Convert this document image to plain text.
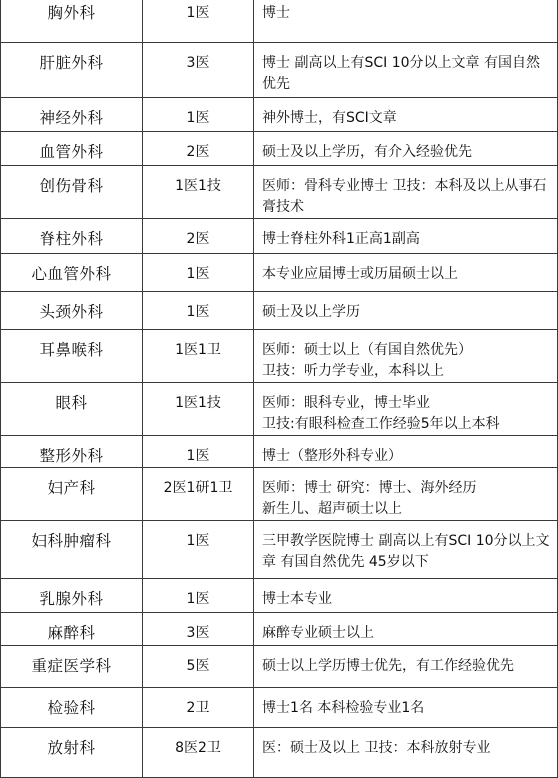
胸外科	1医	博士
肝脏外科	3医	博士 副高以上有SCI 10分以上文章 有国自然优先
神经外科	1医	神外博士，有SCI文章
血管外科	2医	硕士及以上学历，有介入经验优先
创伤骨科	1医1技	医师：骨科专业博士 卫技：本科及以上从事石膏技术
脊柱外科	2医	博士脊柱外科1正高1副高
心血管外科	1医	本专业应届博士或历届硕士以上
头颈外科	1医	硕士及以上学历
耳鼻喉科	1医1卫	医师：硕士以上（有国自然优先）
卫技：听力学专业，本科以上
眼科	1医1技	医师：眼科专业，博士毕业
卫技:有眼科检查工作经验5年以上本科
整形外科	1医	博士（整形外科专业）
妇产科	2医1研1卫	医师：博士 研究：博士、海外经历
新生儿、超声硕士以上
妇科肿瘤科	1医	三甲教学医院博士 副高以上有SCI 10分以上文章 有国自然优先 45岁以下
乳腺外科	1医	博士本专业
麻醉科	3医	麻醉专业硕士以上
重症医学科	5医	硕士以上学历博士优先，有工作经验优先
检验科	2卫	博士1名 本科检验专业1名
放射科	8医2卫	医：硕士及以上 卫技：本科放射专业
